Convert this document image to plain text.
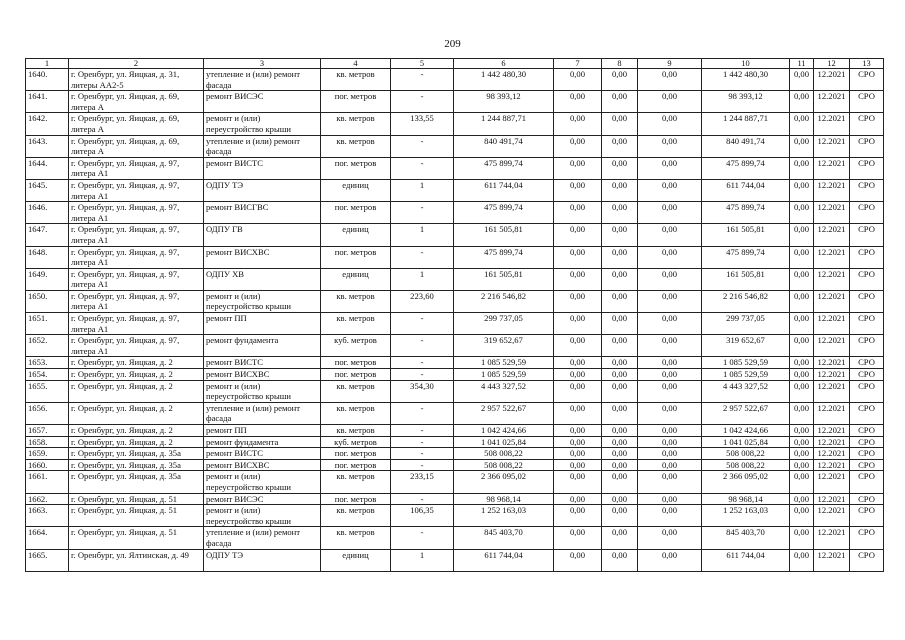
209
1	2	3	4	5	6	7	8	9	10	11	12	13
1640.	г. Оренбург, ул. Яицкая, д. 31, литеры АА2-5	утепление и (или) ремонт фасада	кв. метров	-	1 442 480,30	0,00	0,00	0,00	1 442 480,30	0,00	12.2021	СРО
1641.	г. Оренбург, ул. Яицкая, д. 69, литера А	ремонт ВИСЭС	пог. метров	-	98 393,12	0,00	0,00	0,00	98 393,12	0,00	12.2021	СРО
1642.	г. Оренбург, ул. Яицкая, д. 69, литера А	ремонт и (или) переустройство крыши	кв. метров	133,55	1 244 887,71	0,00	0,00	0,00	1 244 887,71	0,00	12.2021	СРО
1643.	г. Оренбург, ул. Яицкая, д. 69, литера А	утепление и (или) ремонт фасада	кв. метров	-	840 491,74	0,00	0,00	0,00	840 491,74	0,00	12.2021	СРО
1644.	г. Оренбург, ул. Яицкая, д. 97, литера А1	ремонт ВИСТС	пог. метров	-	475 899,74	0,00	0,00	0,00	475 899,74	0,00	12.2021	СРО
1645.	г. Оренбург, ул. Яицкая, д. 97, литера А1	ОДПУ ТЭ	единиц	1	611 744,04	0,00	0,00	0,00	611 744,04	0,00	12.2021	СРО
1646.	г. Оренбург, ул. Яицкая, д. 97, литера А1	ремонт ВИСГВС	пог. метров	-	475 899,74	0,00	0,00	0,00	475 899,74	0,00	12.2021	СРО
1647.	г. Оренбург, ул. Яицкая, д. 97, литера А1	ОДПУ ГВ	единиц	1	161 505,81	0,00	0,00	0,00	161 505,81	0,00	12.2021	СРО
1648.	г. Оренбург, ул. Яицкая, д. 97, литера А1	ремонт ВИСХВС	пог. метров	-	475 899,74	0,00	0,00	0,00	475 899,74	0,00	12.2021	СРО
1649.	г. Оренбург, ул. Яицкая, д. 97, литера А1	ОДПУ ХВ	единиц	1	161 505,81	0,00	0,00	0,00	161 505,81	0,00	12.2021	СРО
1650.	г. Оренбург, ул. Яицкая, д. 97, литера А1	ремонт и (или) переустройство крыши	кв. метров	223,60	2 216 546,82	0,00	0,00	0,00	2 216 546,82	0,00	12.2021	СРО
1651.	г. Оренбург, ул. Яицкая, д. 97, литера А1	ремонт ПП	кв. метров	-	299 737,05	0,00	0,00	0,00	299 737,05	0,00	12.2021	СРО
1652.	г. Оренбург, ул. Яицкая, д. 97, литера А1	ремонт фундамента	куб. метров	-	319 652,67	0,00	0,00	0,00	319 652,67	0,00	12.2021	СРО
1653.	г. Оренбург, ул. Яицкая, д. 2	ремонт ВИСТС	пог. метров	-	1 085 529,59	0,00	0,00	0,00	1 085 529,59	0,00	12.2021	СРО
1654.	г. Оренбург, ул. Яицкая, д. 2	ремонт ВИСХВС	пог. метров	-	1 085 529,59	0,00	0,00	0,00	1 085 529,59	0,00	12.2021	СРО
1655.	г. Оренбург, ул. Яицкая, д. 2	ремонт и (или) переустройство крыши	кв. метров	354,30	4 443 327,52	0,00	0,00	0,00	4 443 327,52	0,00	12.2021	СРО
1656.	г. Оренбург, ул. Яицкая, д. 2	утепление и (или) ремонт фасада	кв. метров	-	2 957 522,67	0,00	0,00	0,00	2 957 522,67	0,00	12.2021	СРО
1657.	г. Оренбург, ул. Яицкая, д. 2	ремонт ПП	кв. метров	-	1 042 424,66	0,00	0,00	0,00	1 042 424,66	0,00	12.2021	СРО
1658.	г. Оренбург, ул. Яицкая, д. 2	ремонт фундамента	куб. метров	-	1 041 025,84	0,00	0,00	0,00	1 041 025,84	0,00	12.2021	СРО
1659.	г. Оренбург, ул. Яицкая, д. 35а	ремонт ВИСТС	пог. метров	-	508 008,22	0,00	0,00	0,00	508 008,22	0,00	12.2021	СРО
1660.	г. Оренбург, ул. Яицкая, д. 35а	ремонт ВИСХВС	пог. метров	-	508 008,22	0,00	0,00	0,00	508 008,22	0,00	12.2021	СРО
1661.	г. Оренбург, ул. Яицкая, д. 35а	ремонт и (или) переустройство крыши	кв. метров	233,15	2 366 095,02	0,00	0,00	0,00	2 366 095,02	0,00	12.2021	СРО
1662.	г. Оренбург, ул. Яицкая, д. 51	ремонт ВИСЭС	пог. метров	-	98 968,14	0,00	0,00	0,00	98 968,14	0,00	12.2021	СРО
1663.	г. Оренбург, ул. Яицкая, д. 51	ремонт и (или) переустройство крыши	кв. метров	106,35	1 252 163,03	0,00	0,00	0,00	1 252 163,03	0,00	12.2021	СРО
1664.	г. Оренбург, ул. Яицкая, д. 51	утепление и (или) ремонт фасада	кв. метров	-	845 403,70	0,00	0,00	0,00	845 403,70	0,00	12.2021	СРО
1665.	г. Оренбург, ул. Ялтинская, д. 49	ОДПУ ТЭ	единиц	1	611 744,04	0,00	0,00	0,00	611 744,04	0,00	12.2021	СРО
